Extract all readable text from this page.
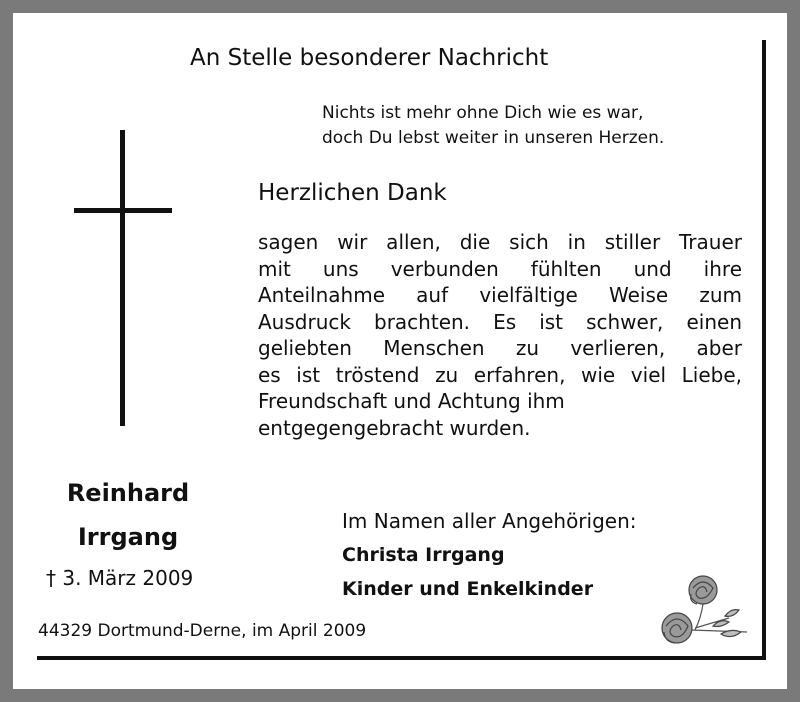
An Stelle besonderer Nachricht
Nichts ist mehr ohne Dich wie es war,
doch Du lebst weiter in unseren Herzen.
Herzlichen Dank
sagen wir allen, die sich in stiller Trauer
mit uns verbunden fühlten und ihre
Anteilnahme auf vielfältige Weise zum
Ausdruck brachten. Es ist schwer, einen
geliebten Menschen zu verlieren, aber
es ist tröstend zu erfahren, wie viel Liebe,
Freundschaft und Achtung ihm
entgegengebracht wurden.
Reinhard
Irrgang
† 3. März 2009
Im Namen aller Angehörigen:
Christa Irrgang
Kinder und Enkelkinder
44329 Dortmund-Derne, im April 2009
